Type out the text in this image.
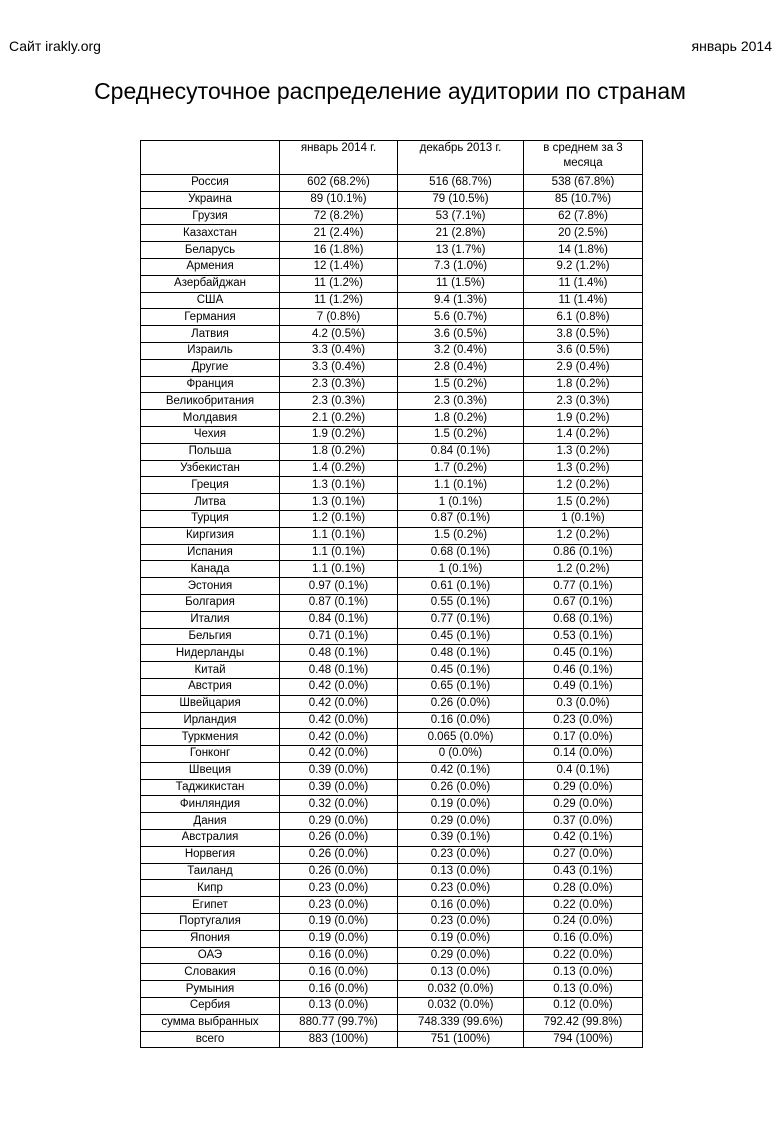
Сайт irakly.org	январь 2014
Среднесуточное распределение аудитории по странам
	январь 2014 г.	декабрь 2013 г.	в среднем за 3 месяца
Россия	602 (68.2%)	516 (68.7%)	538 (67.8%)
Украина	89 (10.1%)	79 (10.5%)	85 (10.7%)
Грузия	72 (8.2%)	53 (7.1%)	62 (7.8%)
Казахстан	21 (2.4%)	21 (2.8%)	20 (2.5%)
Беларусь	16 (1.8%)	13 (1.7%)	14 (1.8%)
Армения	12 (1.4%)	7.3 (1.0%)	9.2 (1.2%)
Азербайджан	11 (1.2%)	11 (1.5%)	11 (1.4%)
США	11 (1.2%)	9.4 (1.3%)	11 (1.4%)
Германия	7 (0.8%)	5.6 (0.7%)	6.1 (0.8%)
Латвия	4.2 (0.5%)	3.6 (0.5%)	3.8 (0.5%)
Израиль	3.3 (0.4%)	3.2 (0.4%)	3.6 (0.5%)
Другие	3.3 (0.4%)	2.8 (0.4%)	2.9 (0.4%)
Франция	2.3 (0.3%)	1.5 (0.2%)	1.8 (0.2%)
Великобритания	2.3 (0.3%)	2.3 (0.3%)	2.3 (0.3%)
Молдавия	2.1 (0.2%)	1.8 (0.2%)	1.9 (0.2%)
Чехия	1.9 (0.2%)	1.5 (0.2%)	1.4 (0.2%)
Польша	1.8 (0.2%)	0.84 (0.1%)	1.3 (0.2%)
Узбекистан	1.4 (0.2%)	1.7 (0.2%)	1.3 (0.2%)
Греция	1.3 (0.1%)	1.1 (0.1%)	1.2 (0.2%)
Литва	1.3 (0.1%)	1 (0.1%)	1.5 (0.2%)
Турция	1.2 (0.1%)	0.87 (0.1%)	1 (0.1%)
Киргизия	1.1 (0.1%)	1.5 (0.2%)	1.2 (0.2%)
Испания	1.1 (0.1%)	0.68 (0.1%)	0.86 (0.1%)
Канада	1.1 (0.1%)	1 (0.1%)	1.2 (0.2%)
Эстония	0.97 (0.1%)	0.61 (0.1%)	0.77 (0.1%)
Болгария	0.87 (0.1%)	0.55 (0.1%)	0.67 (0.1%)
Италия	0.84 (0.1%)	0.77 (0.1%)	0.68 (0.1%)
Бельгия	0.71 (0.1%)	0.45 (0.1%)	0.53 (0.1%)
Нидерланды	0.48 (0.1%)	0.48 (0.1%)	0.45 (0.1%)
Китай	0.48 (0.1%)	0.45 (0.1%)	0.46 (0.1%)
Австрия	0.42 (0.0%)	0.65 (0.1%)	0.49 (0.1%)
Швейцария	0.42 (0.0%)	0.26 (0.0%)	0.3 (0.0%)
Ирландия	0.42 (0.0%)	0.16 (0.0%)	0.23 (0.0%)
Туркмения	0.42 (0.0%)	0.065 (0.0%)	0.17 (0.0%)
Гонконг	0.42 (0.0%)	0 (0.0%)	0.14 (0.0%)
Швеция	0.39 (0.0%)	0.42 (0.1%)	0.4 (0.1%)
Таджикистан	0.39 (0.0%)	0.26 (0.0%)	0.29 (0.0%)
Финляндия	0.32 (0.0%)	0.19 (0.0%)	0.29 (0.0%)
Дания	0.29 (0.0%)	0.29 (0.0%)	0.37 (0.0%)
Австралия	0.26 (0.0%)	0.39 (0.1%)	0.42 (0.1%)
Норвегия	0.26 (0.0%)	0.23 (0.0%)	0.27 (0.0%)
Таиланд	0.26 (0.0%)	0.13 (0.0%)	0.43 (0.1%)
Кипр	0.23 (0.0%)	0.23 (0.0%)	0.28 (0.0%)
Египет	0.23 (0.0%)	0.16 (0.0%)	0.22 (0.0%)
Португалия	0.19 (0.0%)	0.23 (0.0%)	0.24 (0.0%)
Япония	0.19 (0.0%)	0.19 (0.0%)	0.16 (0.0%)
ОАЭ	0.16 (0.0%)	0.29 (0.0%)	0.22 (0.0%)
Словакия	0.16 (0.0%)	0.13 (0.0%)	0.13 (0.0%)
Румыния	0.16 (0.0%)	0.032 (0.0%)	0.13 (0.0%)
Сербия	0.13 (0.0%)	0.032 (0.0%)	0.12 (0.0%)
сумма выбранных	880.77 (99.7%)	748.339 (99.6%)	792.42 (99.8%)
всего	883 (100%)	751 (100%)	794 (100%)
